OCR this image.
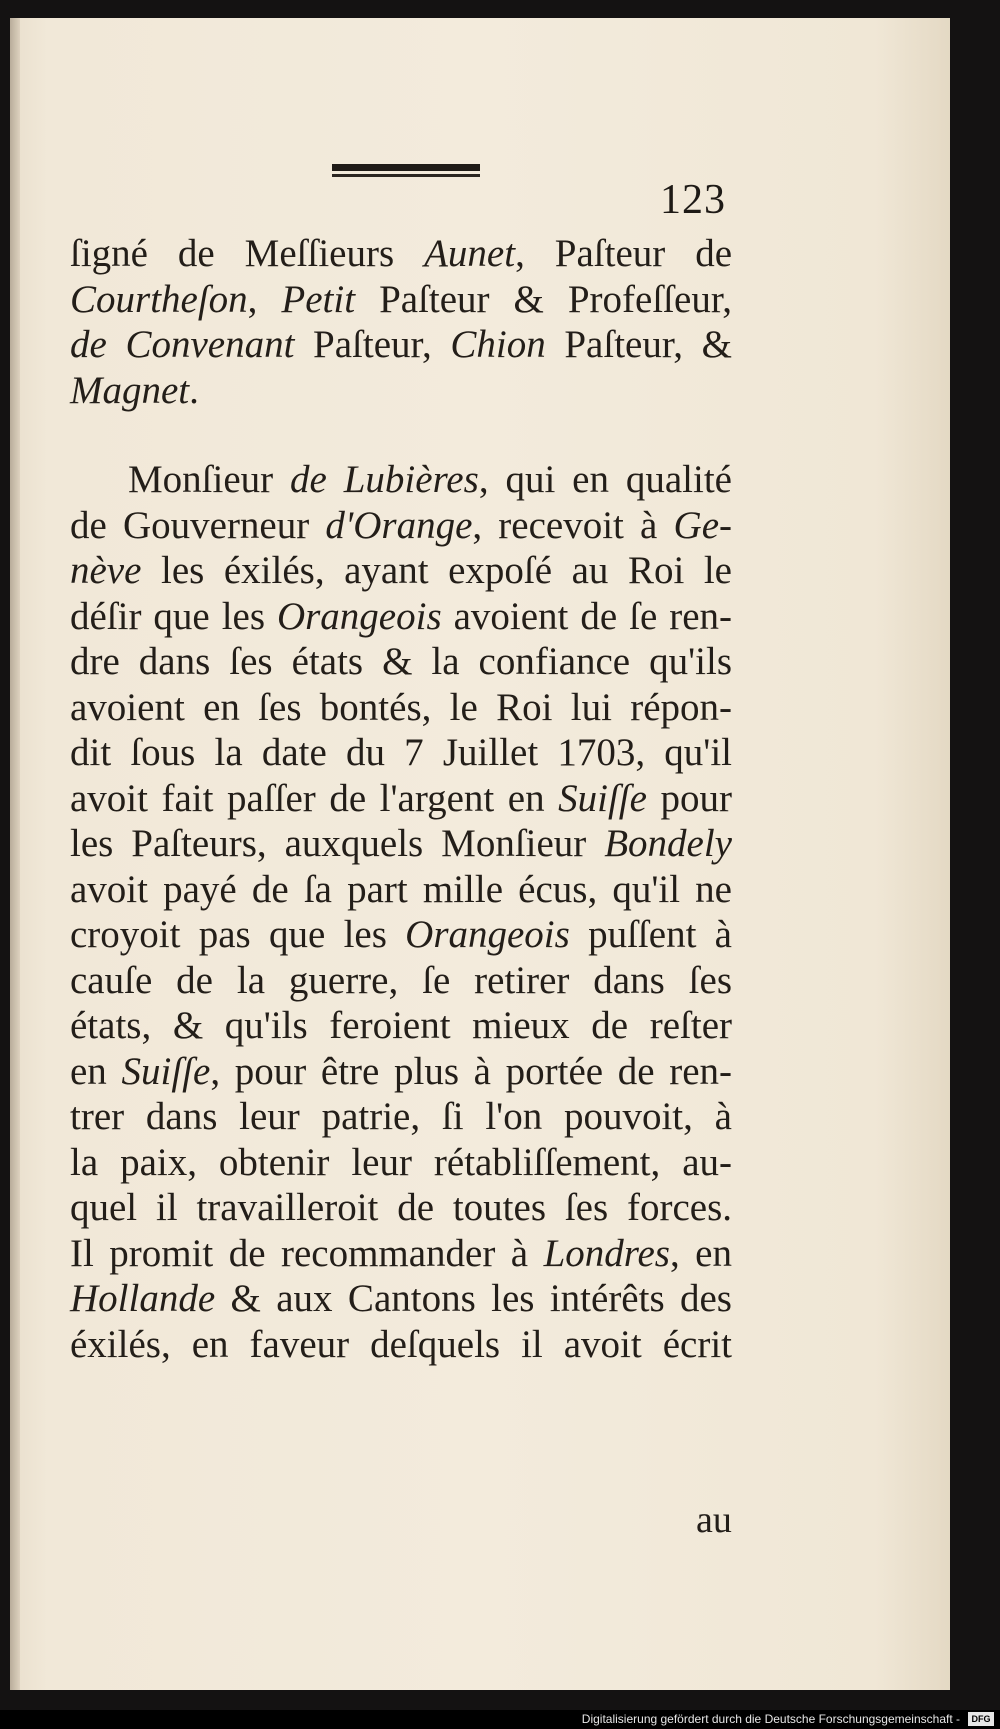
123
ſigné de Meſſieurs Aunet, Paſteur de
Courtheſon, Petit Paſteur & Profeſſeur,
de Convenant Paſteur, Chion Paſteur, &
Magnet.
Monſieur de Lubières, qui en qualité
de Gouverneur d'Orange, recevoit à Ge-
nève les éxilés, ayant expoſé au Roi le
déſir que les Orangeois avoient de ſe ren-
dre dans ſes états & la confiance qu'ils
avoient en ſes bontés, le Roi lui répon-
dit ſous la date du 7 Juillet 1703, qu'il
avoit fait paſſer de l'argent en Suiſſe pour
les Paſteurs, auxquels Monſieur Bondely
avoit payé de ſa part mille écus, qu'il ne
croyoit pas que les Orangeois puſſent à
cauſe de la guerre, ſe retirer dans ſes
états, & qu'ils feroient mieux de reſter
en Suiſſe, pour être plus à portée de ren-
trer dans leur patrie, ſi l'on pouvoit, à
la paix, obtenir leur rétabliſſement, au-
quel il travailleroit de toutes ſes forces.
Il promit de recommander à Londres, en
Hollande & aux Cantons les intérêts des
éxilés, en faveur deſquels il avoit écrit
au
Digitalisierung gefördert durch die Deutsche Forschungsgemeinschaft -	DFG
